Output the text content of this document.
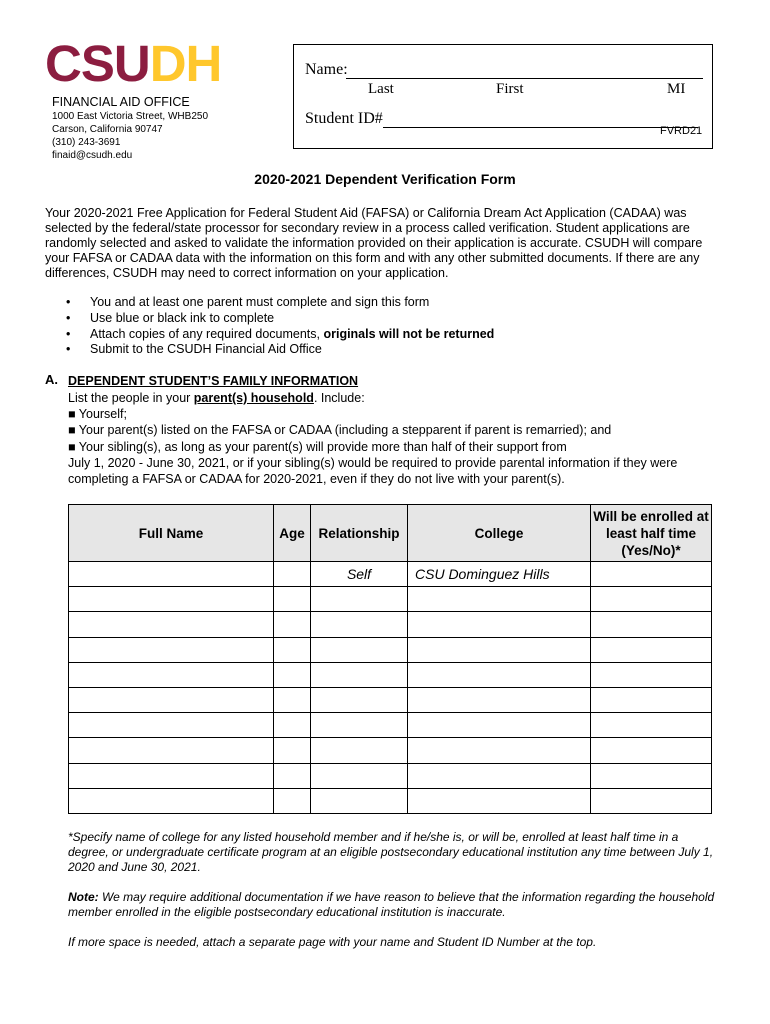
CSUDH
FINANCIAL AID OFFICE
1000 East Victoria Street, WHB250
Carson, California 90747
(310) 243-3691
finaid@csudh.edu
Name:
Last	First	MI
Student ID#
FVRD21
2020-2021 Dependent Verification Form
Your 2020-2021 Free Application for Federal Student Aid (FAFSA) or California Dream Act Application (CADAA) was selected by the federal/state processor for secondary review in a process called verification. Student applications are randomly selected and asked to validate the information provided on their application is accurate. CSUDH will compare your FAFSA or CADAA data with the information on this form and with any other submitted documents. If there are any differences, CSUDH may need to correct information on your application.
• You and at least one parent must complete and sign this form
• Use blue or black ink to complete
• Attach copies of any required documents, originals will not be returned
• Submit to the CSUDH Financial Aid Office
A. DEPENDENT STUDENT’S FAMILY INFORMATION
List the people in your parent(s) household. Include:
■ Yourself;
■ Your parent(s) listed on the FAFSA or CADAA (including a stepparent if parent is remarried); and
■ Your sibling(s), as long as your parent(s) will provide more than half of their support from
July 1, 2020 - June 30, 2021, or if your sibling(s) would be required to provide parental information if they were completing a FAFSA or CADAA for 2020-2021, even if they do not live with your parent(s).
Full Name	Age	Relationship	College	Will be enrolled at least half time (Yes/No)*
		Self	CSU Dominguez Hills	

*Specify name of college for any listed household member and if he/she is, or will be, enrolled at least half time in a degree, or undergraduate certificate program at an eligible postsecondary educational institution any time between July 1, 2020 and June 30, 2021.
Note: We may require additional documentation if we have reason to believe that the information regarding the household member enrolled in the eligible postsecondary educational institution is inaccurate.
If more space is needed, attach a separate page with your name and Student ID Number at the top.
